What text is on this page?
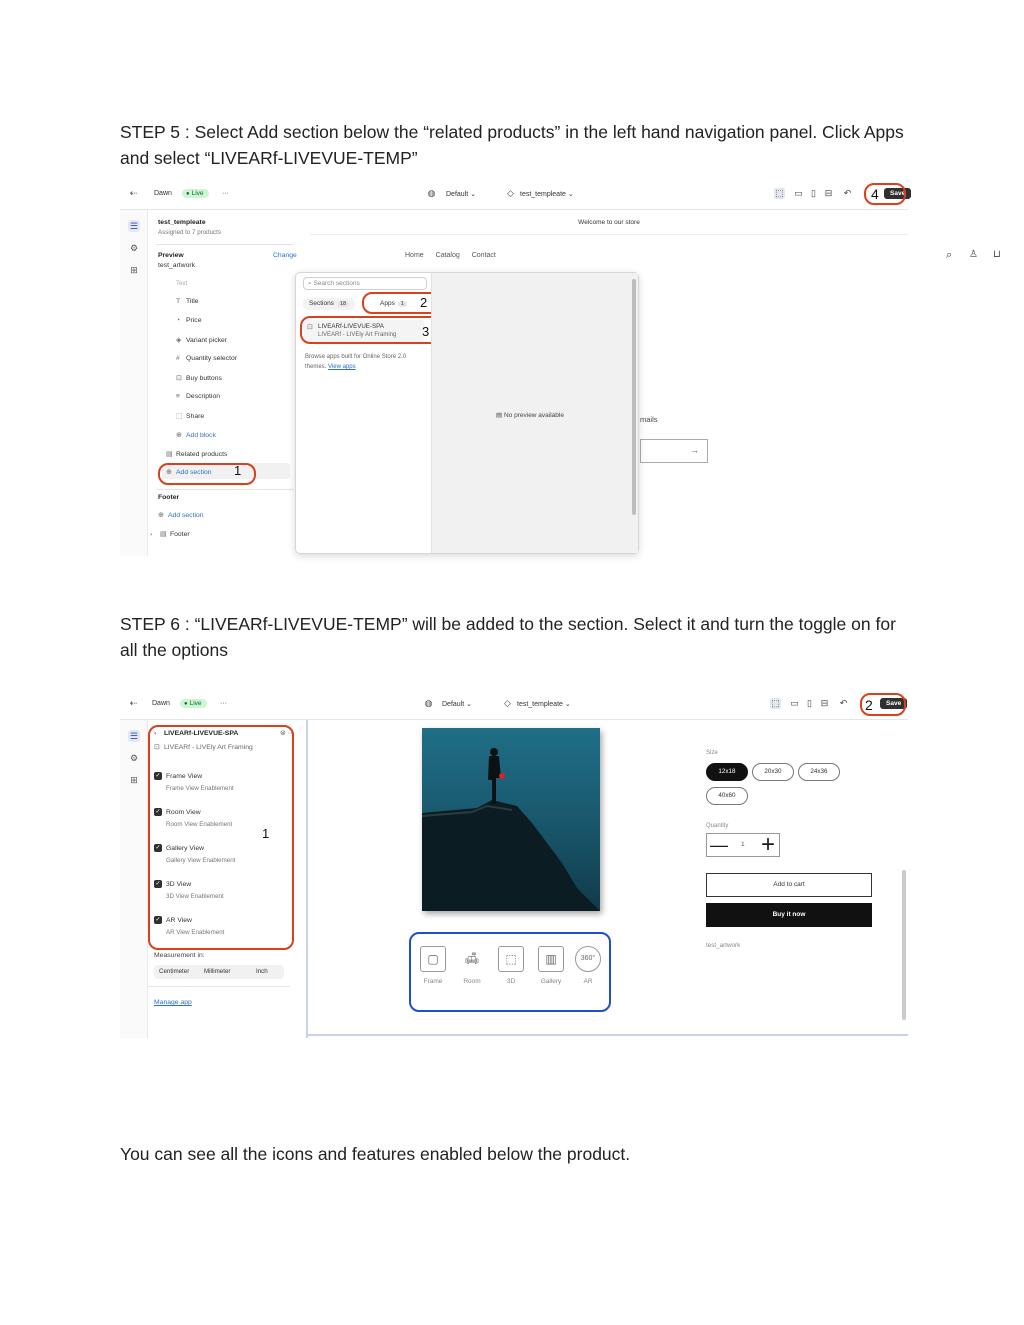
STEP 5 : Select Add section below the “related products” in the left hand navigation panel. Click Apps and select “LIVEARf-LIVEVUE-TEMP”
⇠ Dawn	● Live	···	◍ Default ⌄	◇ test_templeate ⌄	⬚ ▭ ▯ ⊟ ↶ 4	Save
☰
⚙
⊞
test_templeate
Assigned to 7 products
Preview	Change
test_artwork
Text
T Title
◔ Price
◈ Variant picker
# Quantity selector
⊡ Buy buttons
≡ Description
⬚ Share
⊕ Add block
▤ Related products
⊕ Add section 1
Footer
⊕ Add section
› ▤ Footer
Welcome to our store
Home Catalog Contact	⌕ ♙ ⊔
mails
→
⌕ Search sections
Sections 18	Apps 1	2
⊡ LIVEARf-LIVEVUE-SPA
LIVEARf - LIVEly Art Framing 3
Browse apps built for Online Store 2.0 themes. View apps
▤ No preview available
STEP 6 : “LIVEARf-LIVEVUE-TEMP” will be added to the section. Select it and turn the toggle on for all the options
⇠ Dawn	● Live	···	◍ Default ⌄	◇ test_templeate ⌄	⬚ ▭ ▯ ⊟ ↶ 2	Save
☰
⚙
⊞
‹ LIVEARf-LIVEVUE-SPA	⊜ ···
⊡ LIVEARf - LIVEly Art Framing
✓ Frame View
Frame View Enablement
✓ Room View
Room View Enablement
✓ Gallery View
Gallery View Enablement
✓ 3D View
3D View Enablement
✓ AR View
AR View Enablement
1
Measurement in:
Centimeter Millimeter	Inch
Manage app
Size
12x18	20x30	24x36
40x60
Quantity
— 1 +
Add to cart
Buy it now
test_artwork
▢
Frame
🛋
Room
⬚
3D
▥
Gallery
360°
AR
You can see all the icons and features enabled below the product.
